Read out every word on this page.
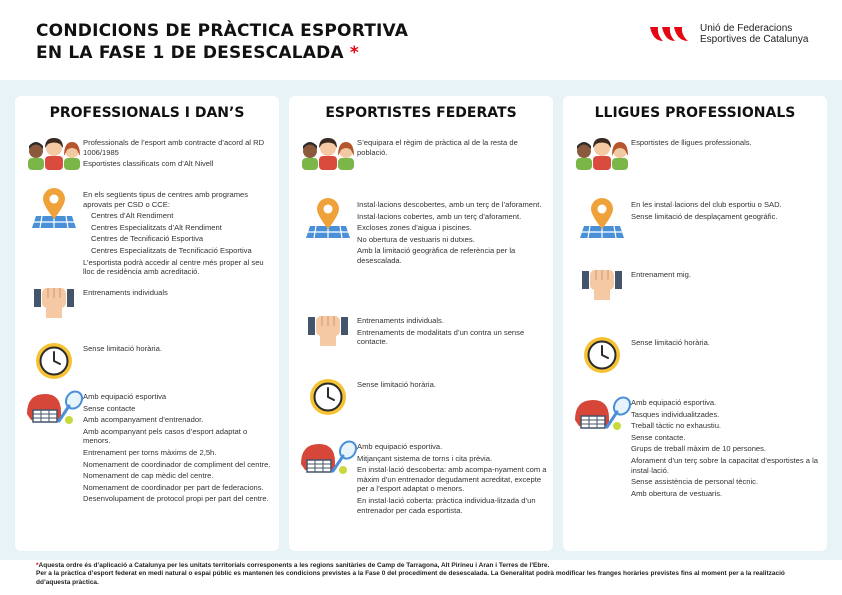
CONDICIONS DE PRÀCTICA ESPORTIVA
EN LA FASE 1 DE DESESCALADA *
Unió de Federacions
Esportives de Catalunya
PROFESSIONALS I DAN’S
Professionals de l’esport amb contracte d’acord al RD 1006/1985
Esportistes classificats com d’Alt Nivell
En els següents tipus de centres amb programes aprovats per CSD o CCE:
Centres d’Alt Rendiment
Centres Especialitzats d’Alt Rendiment
Centres de Tecnificació Esportiva
Centres Especialitzats de Tecnificació Esportiva
L’esportista podrà accedir al centre més proper al seu lloc de residència amb acreditació.
Entrenaments individuals
Sense limitació horària.
Amb equipació esportiva
Sense contacte
Amb acompanyament d’entrenador.
Amb acompanyant pels casos d’esport adaptat o menors.
Entrenament per torns màxims de 2,5h.
Nomenament de coordinador de compliment del centre.
Nomenament de cap mèdic del centre.
Nomenament de coordinador per part de federacions.
Desenvolupament de protocol propi per part del centre.
ESPORTISTES FEDERATS
S’equipara el règim de pràctica al de la resta de població.
Instal·lacions descobertes, amb un terç de l’aforament.
Instal·lacions cobertes, amb un terç d’aforament.
Excloses zones d’aigua i piscines.
No obertura de vestuaris ni dutxes.
Amb la limitació geogràfica de referència per la desescalada.
Entrenaments individuals.
Entrenaments de modalitats d’un contra un sense contacte.
Sense limitació horària.
Amb equipació esportiva.
Mitjançant sistema de torns i cita prèvia.
En instal·lació descoberta: amb acompa-nyament com a màxim d’un entrenador degudament acreditat, excepte per a l’esport adaptat o menors.
En instal·lació coberta: pràctica individua-litzada d’un entrenador per cada esportista.
LLIGUES PROFESSIONALS
Esportistes de lligues professionals.
En les instal·lacions del club esportiu o SAD.
Sense limitació de desplaçament geogràfic.
Entrenament mig.
Sense limitació horària.
Amb equipació esportiva.
Tasques individualitzades.
Treball tàctic no exhaustiu.
Sense contacte.
Grups de treball màxim de 10 persones.
Aforament d’un terç sobre la capacitat d’esportistes a la instal·lació.
Sense assistència de personal tècnic.
Amb obertura de vestuaris.
*Aquesta ordre és d’aplicació a Catalunya per les unitats territorials corresponents a les regions sanitàries de Camp de Tarragona, Alt Pirineu i Aran i Terres de l’Ebre.
Per a la pràctica d’esport federat en medi natural o espai públic es mantenen les condicions previstes a la Fase 0 del procediment de desescalada. La Generalitat podrà modificar les franges horàries previstes fins al moment per a la realització dd’aquesta pràctica.
